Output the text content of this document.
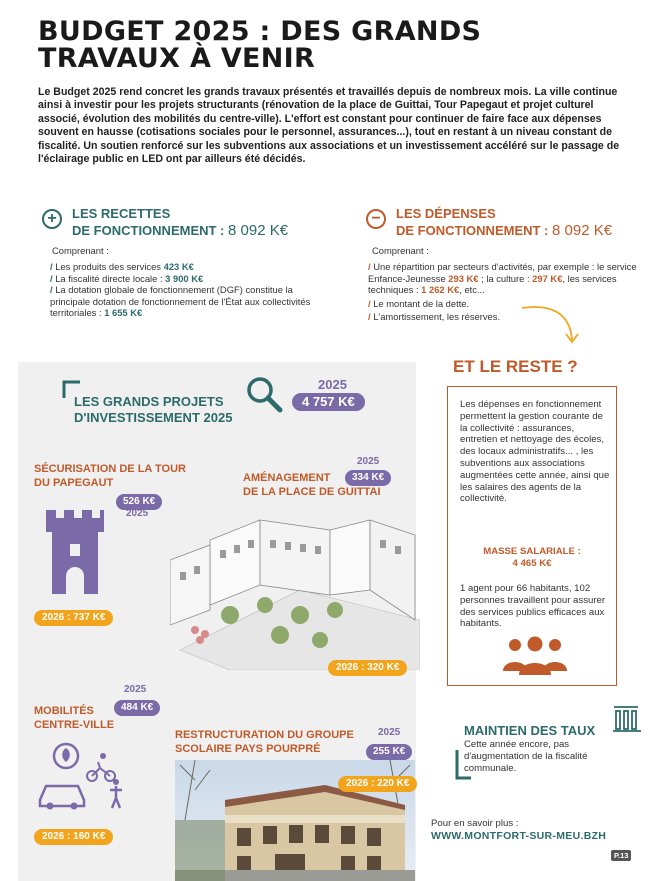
BUDGET 2025 : DES GRANDS
TRAVAUX À VENIR
Le Budget 2025 rend concret les grands travaux présentés et travaillés depuis de nombreux mois. La ville continue ainsi à investir pour les projets structurants (rénovation de la place de Guittai, Tour Papegaut et projet culturel associé, évolution des mobilités du centre-ville). L'effort est constant pour continuer de faire face aux dépenses souvent en hausse (cotisations sociales pour le personnel, assurances...), tout en restant à un niveau constant de fiscalité. Un soutien renforcé sur les subventions aux associations et un investissement accéléré sur le passage de l'éclairage public en LED ont par ailleurs été décidés.
+	LES RECETTES
DE FONCTIONNEMENT : 8 092 K€
Comprenant :
/ Les produits des services 423 K€
/ La fiscalité directe locale : 3 900 K€
/ La dotation globale de fonctionnement (DGF) constitue la principale dotation de fonctionnement de l'État aux collectivités territoriales : 1 655 K€
−	LES DÉPENSES
DE FONCTIONNEMENT : 8 092 K€
Comprenant :
/ Une répartition par secteurs d'activités, par exemple : le service Enfance-Jeunesse 293 K€ ; la culture : 297 K€, les services techniques : 1 262 K€, etc...
/ Le montant de la dette.
/ L'amortissement, les réserves.
LES GRANDS PROJETS
D'INVESTISSEMENT 2025
2025
4 757 K€
SÉCURISATION DE LA TOUR
DU PAPEGAUT
526 K€
2025
2026 : 737 K€
AMÉNAGEMENT
DE LA PLACE DE GUITTAI
2025
334 K€
2026 : 320 K€
2025
484 K€
MOBILITÉS
CENTRE-VILLE
2026 : 160 K€
RESTRUCTURATION DU GROUPE
SCOLAIRE PAYS POURPRÉ
2025
255 K€
2026 : 220 K€
ET LE RESTE ?
Les dépenses en fonctionnement permettent la gestion courante de la collectivité : assurances, entretien et nettoyage des écoles, des locaux administratifs... , les subventions aux associations augmentées cette année, ainsi que les salaires des agents de la collectivité.
MASSE SALARIALE :
4 465 K€
1 agent pour 66 habitants, 102 personnes travaillent pour assurer des services publics efficaces aux habitants.
MAINTIEN DES TAUX
Cette année encore, pas d'augmentation de la fiscalité communale.
Pour en savoir plus :
WWW.MONTFORT-SUR-MEU.BZH
P.13
